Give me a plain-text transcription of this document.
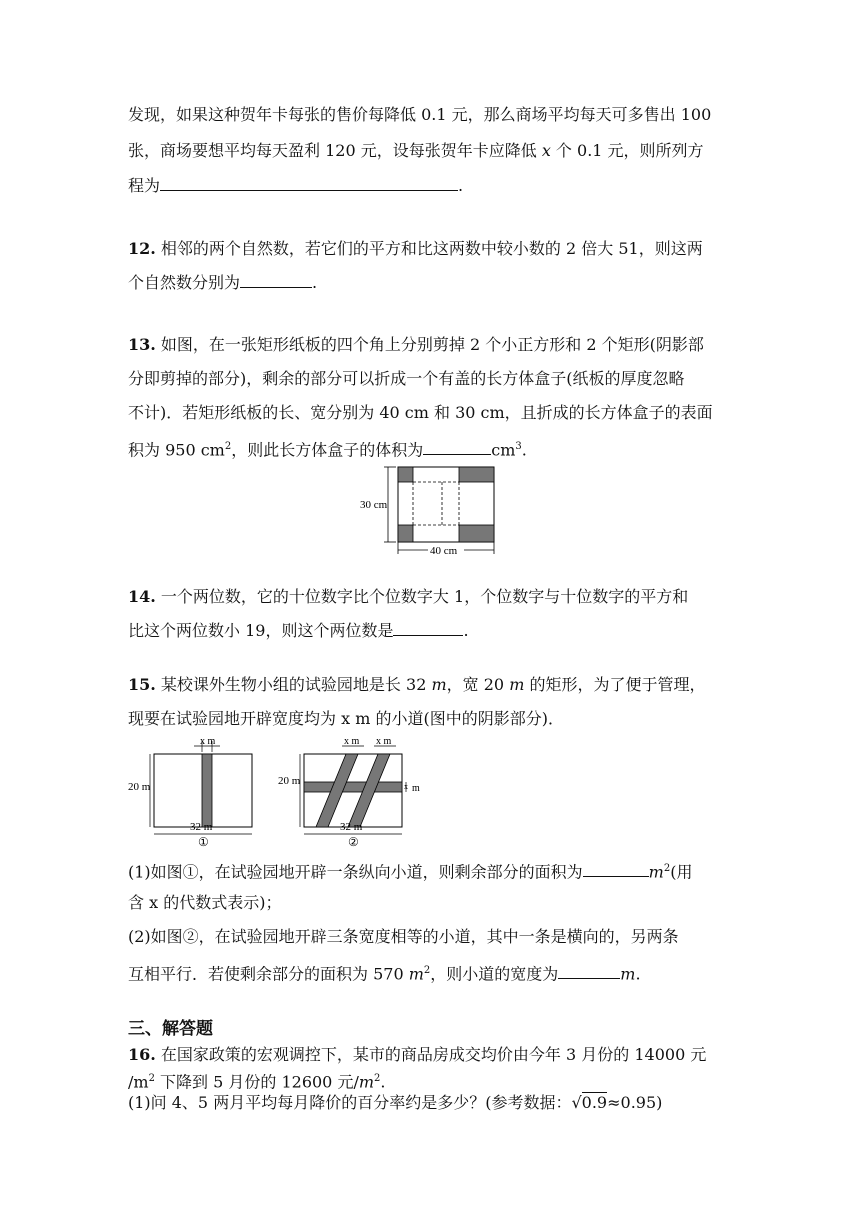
发现，如果这种贺年卡每张的售价每降低 0.1 元，那么商场平均每天可多售出 100
张，商场要想平均每天盈利 120 元，设每张贺年卡应降低 x 个 0.1 元，则所列方
程为	.
12. 相邻的两个自然数，若它们的平方和比这两数中较小数的 2 倍大 51，则这两
个自然数分别为	.
13. 如图，在一张矩形纸板的四个角上分别剪掉 2 个小正方形和 2 个矩形(阴影部
分即剪掉的部分)，剩余的部分可以折成一个有盖的长方体盒子(纸板的厚度忽略
不计)．若矩形纸板的长、宽分别为 40 cm 和 30 cm，且折成的长方体盒子的表面
积为 950 $cm^2$，则此长方体盒子的体积为	$cm^3$.
30 cm
40 cm
14. 一个两位数，它的十位数字比个位数字大 1，个位数字与十位数字的平方和
比这个两位数小 19，则这个两位数是	.
15. 某校课外生物小组的试验园地是长 32 m，宽 20 m 的矩形，为了便于管理，
现要在试验园地开辟宽度均为 x m 的小道(图中的阴影部分)．
x m
20 m
32 m
①
x m x m
20 m	x m
32 m
②
(1)如图①，在试验园地开辟一条纵向小道，则剩余部分的面积为	$m^2$(用
含 x 的代数式表示)；
(2)如图②，在试验园地开辟三条宽度相等的小道，其中一条是横向的，另两条
互相平行．若使剩余部分的面积为 570 $m^2$，则小道的宽度为	m.
三、解答题
16. 在国家政策的宏观调控下，某市的商品房成交均价由今年 3 月份的 14000 元
$/m^2$ 下降到 5 月份的 12600 元$/m^2$.
(1)问 4、5 两月平均每月降价的百分率约是多少？(参考数据：√0.9≈0.95)
